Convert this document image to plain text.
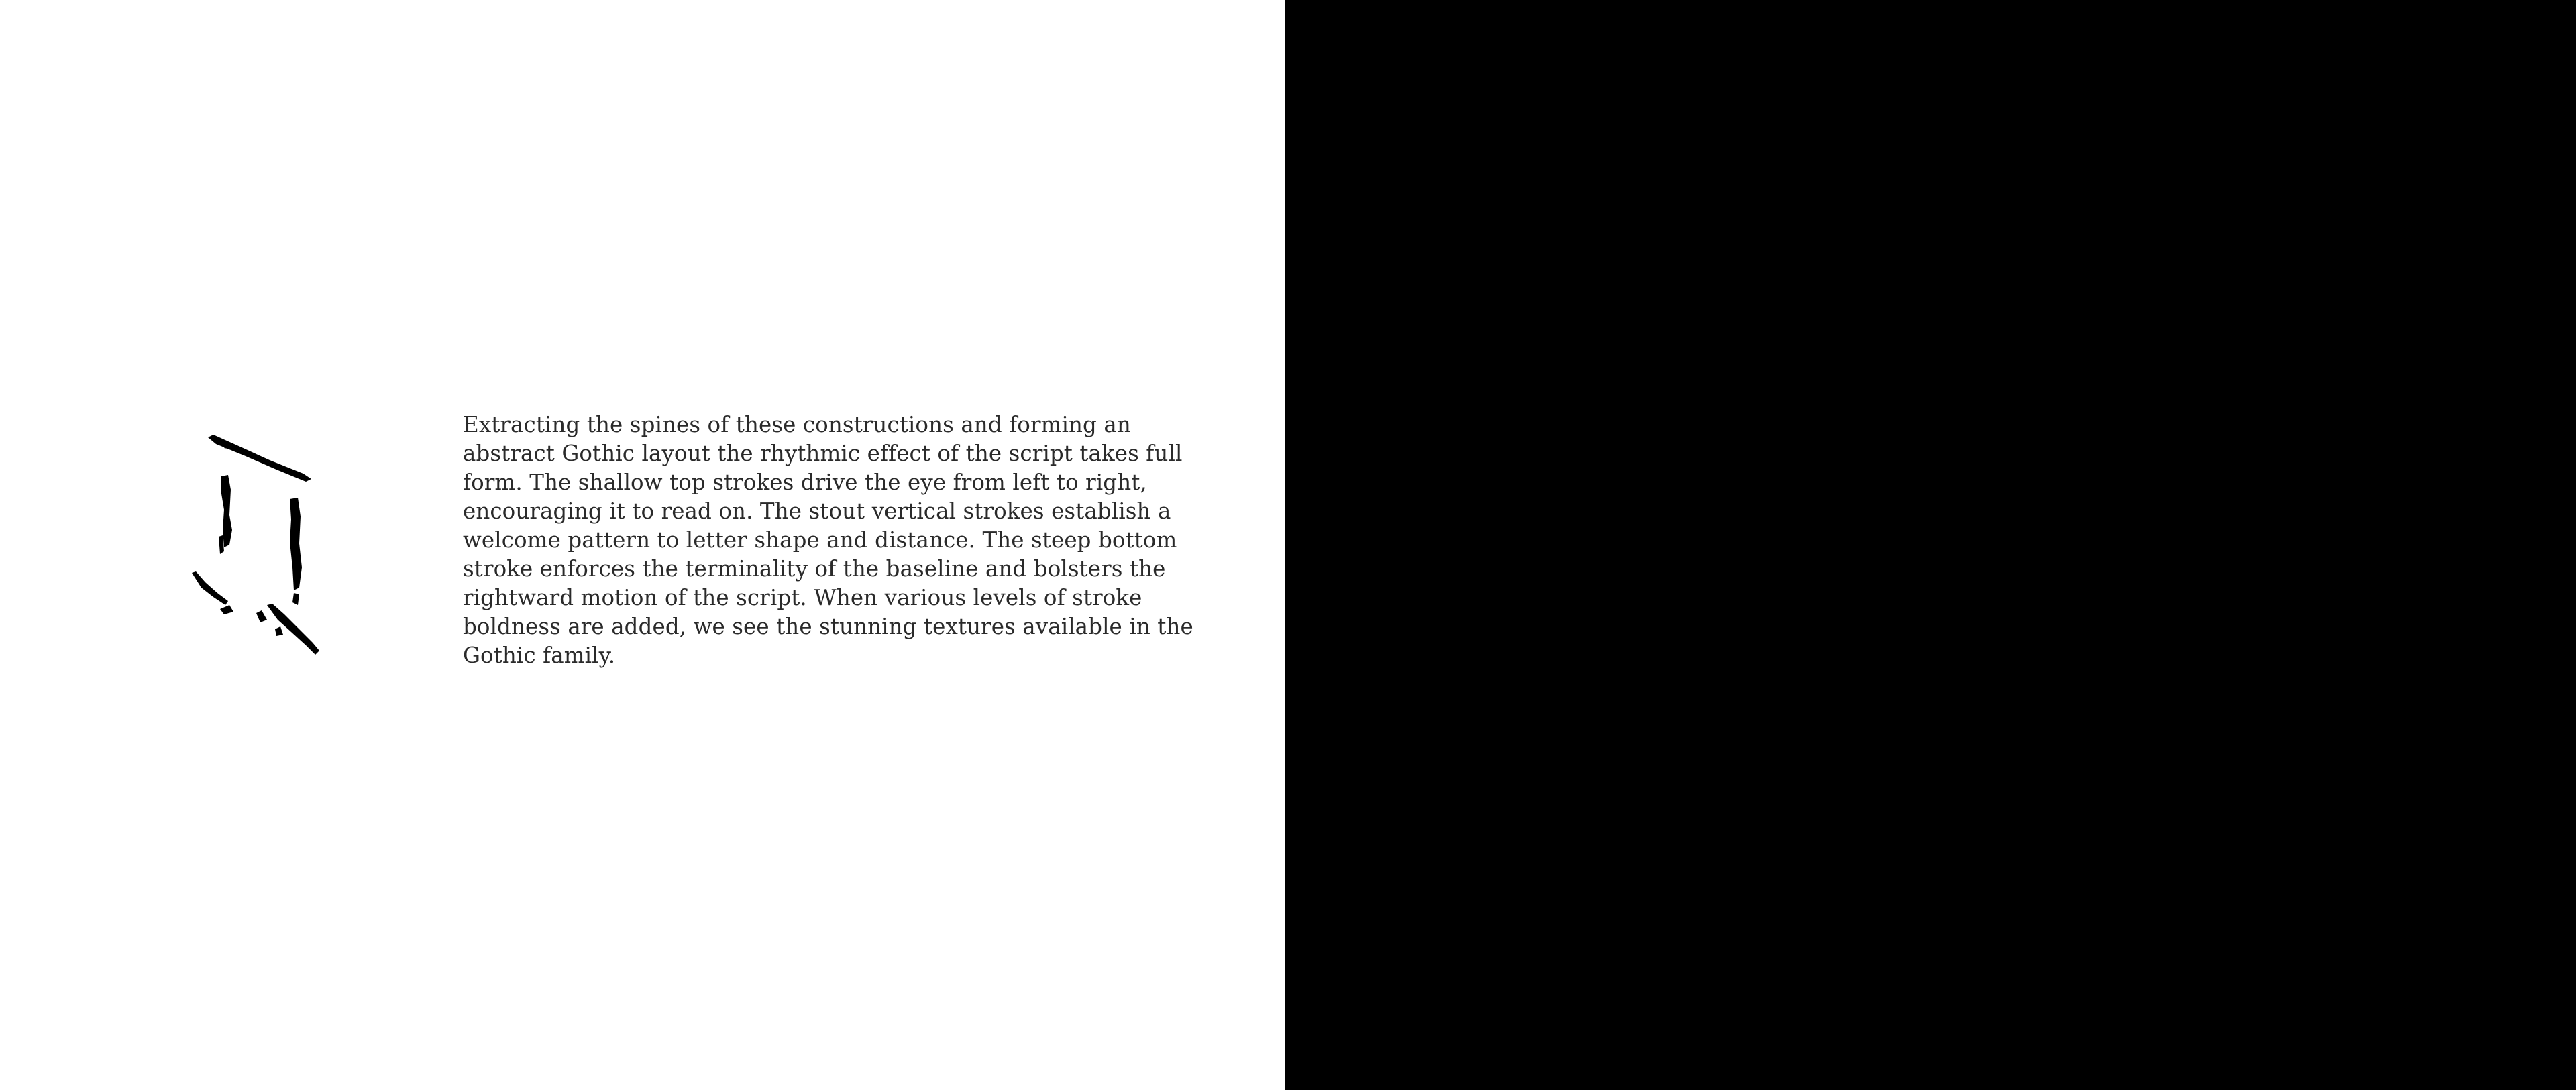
Extracting the spines of these constructions and forming an abstract Gothic layout the rhythmic effect of the script takes full form. The shallow top strokes drive the eye from left to right, encouraging it to read on. The stout vertical strokes establish a welcome pattern to letter shape and distance. The steep bottom stroke enforces the terminality of the baseline and bolsters the rightward motion of the script. When various levels of stroke boldness are added, we see the stunning textures available in the Gothic family.
